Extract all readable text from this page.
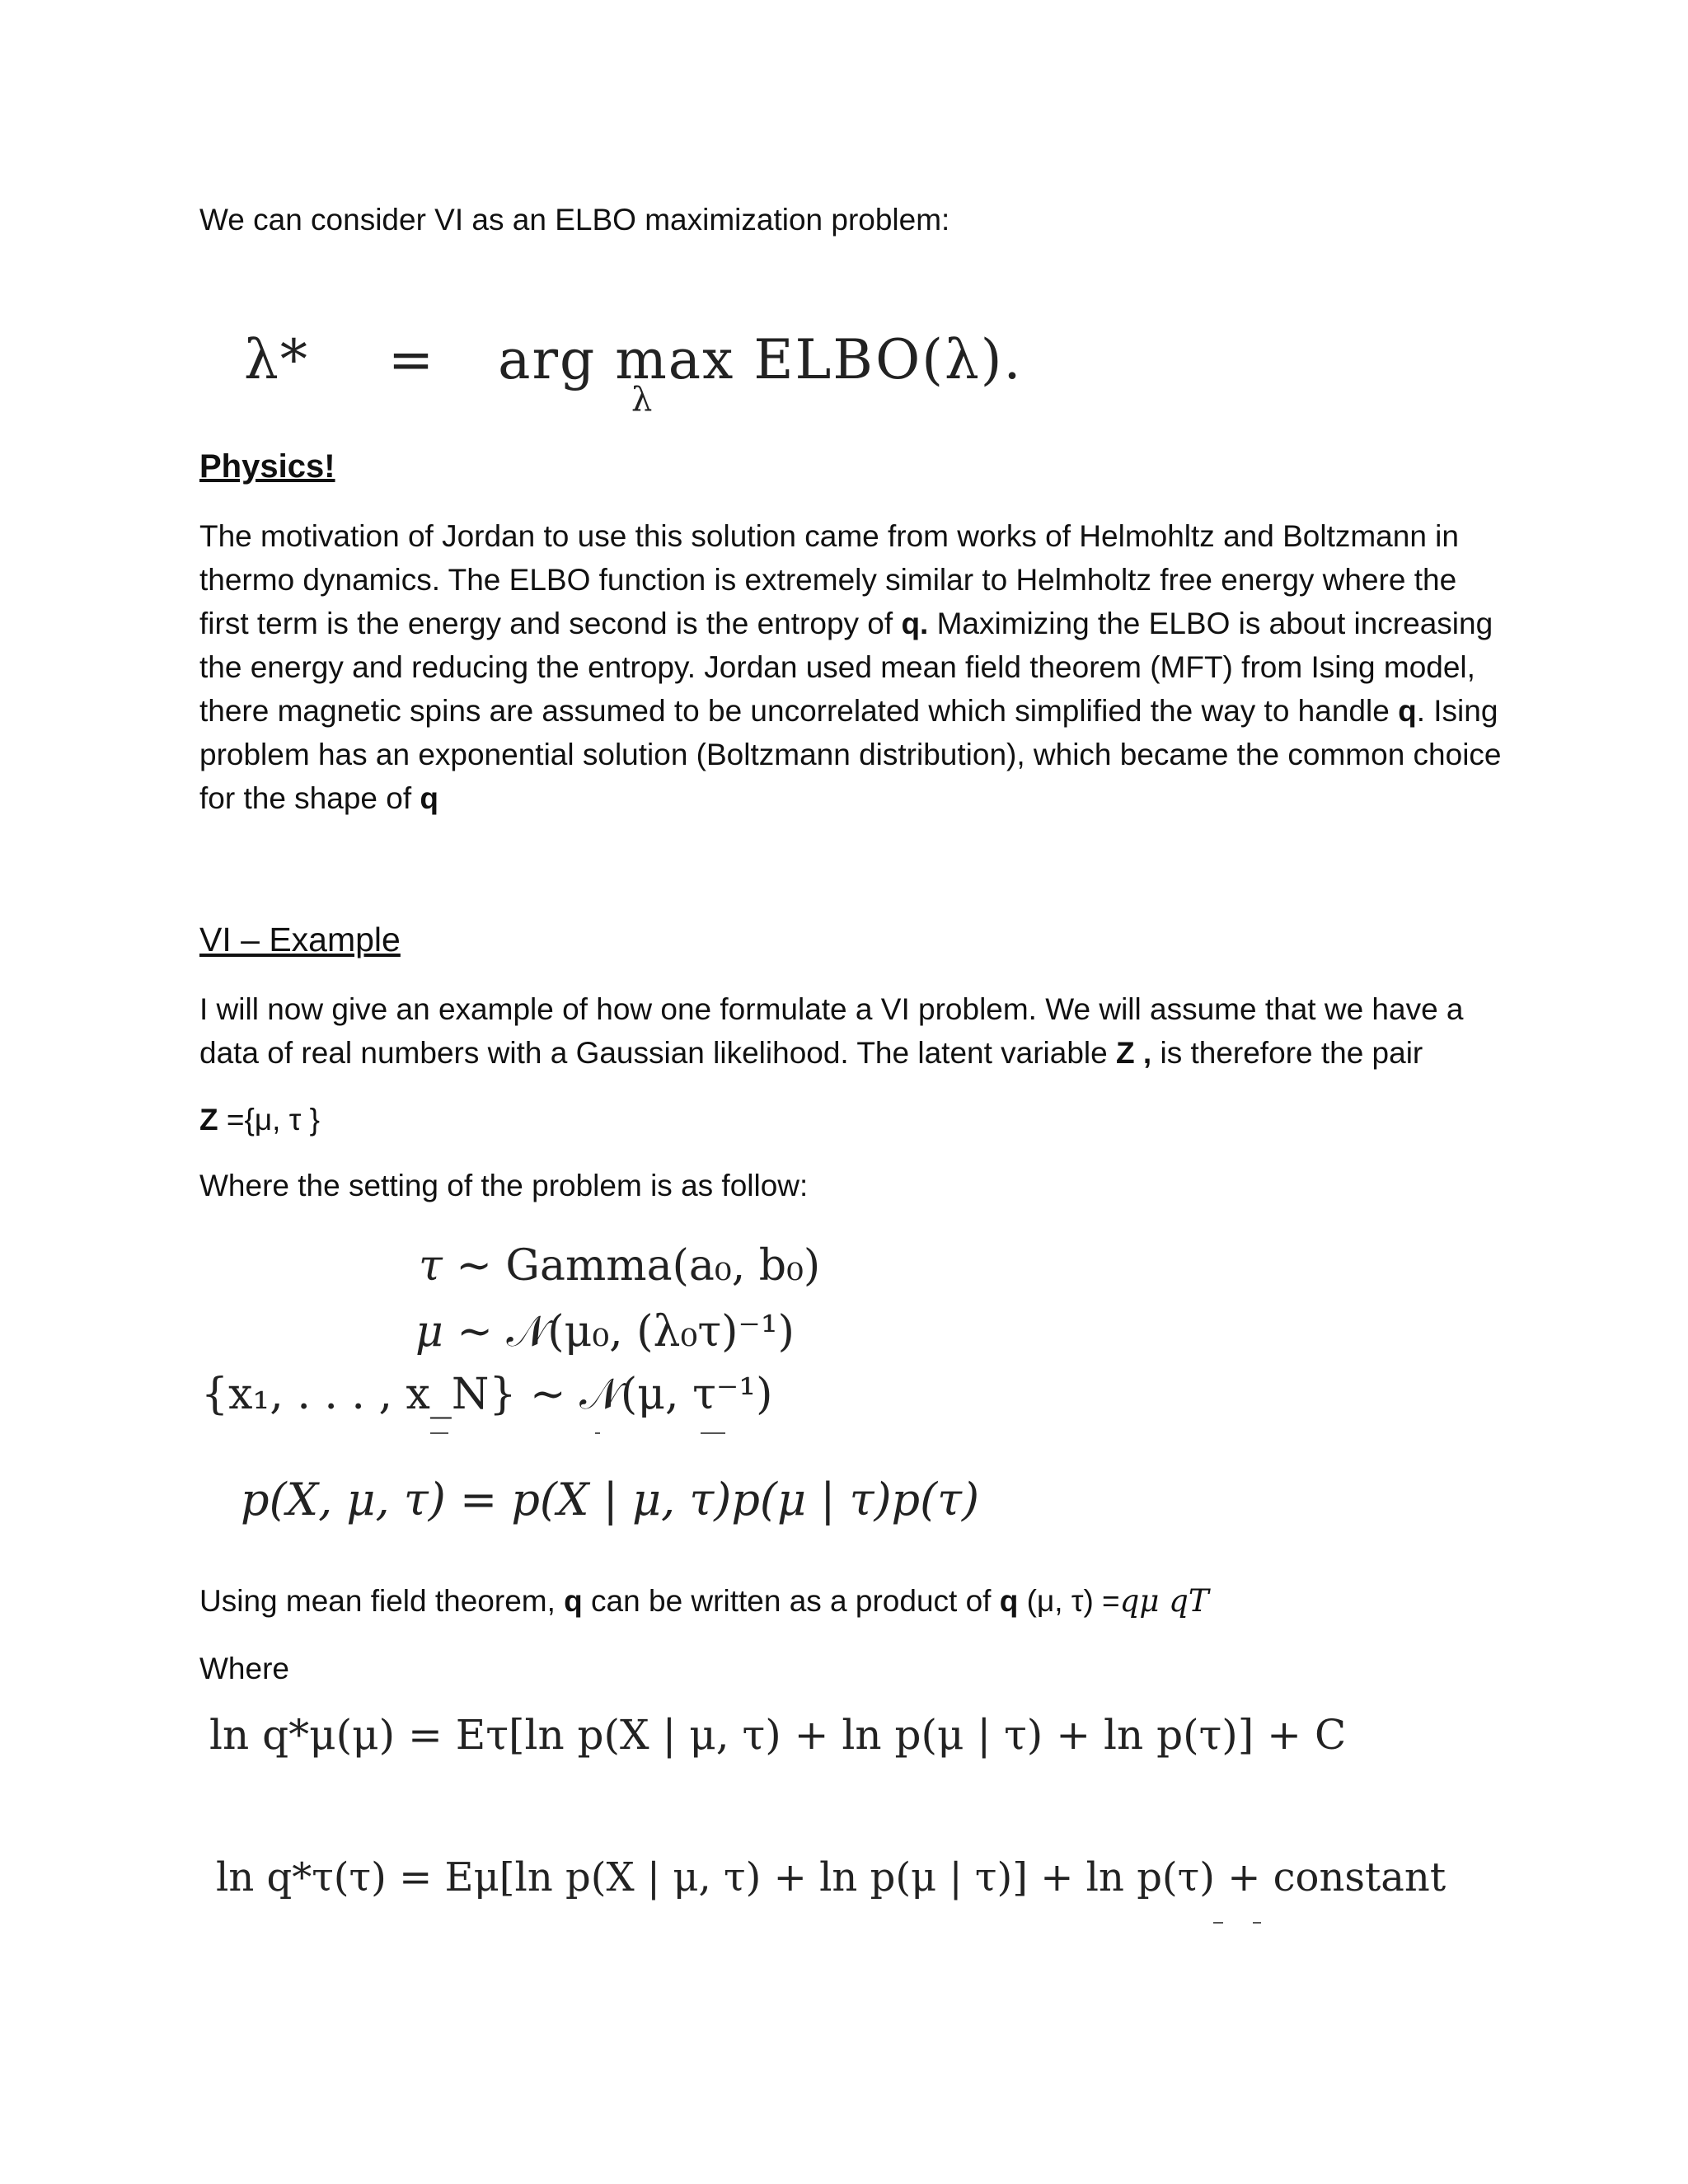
We can consider VI as an ELBO maximization problem:

λ* = arg max ELBO(λ).
λ

Physics!

The motivation of Jordan to use this solution came from works of Helmohltz and Boltzmann in thermo dynamics. The ELBO function is extremely similar to Helmholtz free energy where the first term is the energy and second is the entropy of q. Maximizing the ELBO is about increasing the energy and reducing the entropy. Jordan used mean field theorem (MFT) from Ising model, there magnetic spins are assumed to be uncorrelated which simplified the way to handle q. Ising problem has an exponential solution (Boltzmann distribution), which became the common choice for the shape of q

VI – Example

I will now give an example of how one formulate a VI problem. We will assume that we have a data of real numbers with a Gaussian likelihood. The latent variable Z , is therefore the pair

Z ={μ, τ }

Where the setting of the problem is as follow:

τ ~ Gamma(a₀, b₀)
μ ~ 𝒩(μ₀, (λ₀τ)⁻¹)
{x₁, . . . , x_N} ~ 𝒩(μ, τ⁻¹)
p(X, μ, τ) = p(X | μ, τ)p(μ | τ)p(τ)

Using mean field theorem, q can be written as a product of q (μ, τ) =qμ qT

Where

ln q*μ(μ) = Eτ[ln p(X | μ, τ) + ln p(μ | τ) + ln p(τ)] + C
ln q*τ(τ) = Eμ[ln p(X | μ, τ) + ln p(μ | τ)] + ln p(τ) + constant
